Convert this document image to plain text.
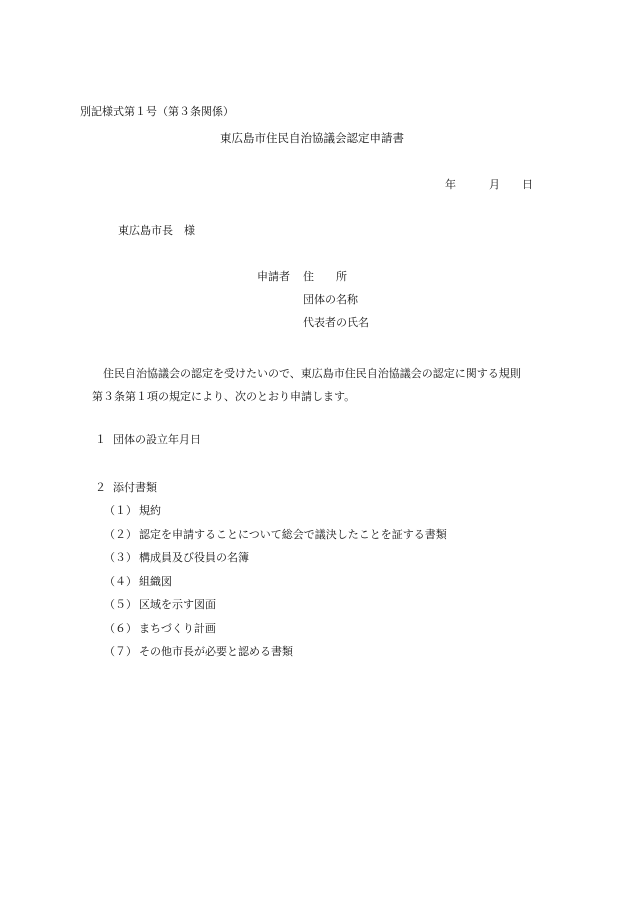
別記様式第１号（第３条関係）
東広島市住民自治協議会認定申請書
年	月 日
東広島市長　様
申請者 住　　所
団体の名称
代表者の氏名

住民自治協議会の認定を受けたいので、東広島市住民自治協議会の認定に関する規則

第３条第１項の規定により、次のとおり申請します。

１ 団体の設立年月日
２ 添付書類
（１） 規約
（２） 認定を申請することについて総会で議決したことを証する書類
（３） 構成員及び役員の名簿
（４） 組織図
（５） 区域を示す図面
（６） まちづくり計画
（７） その他市長が必要と認める書類
